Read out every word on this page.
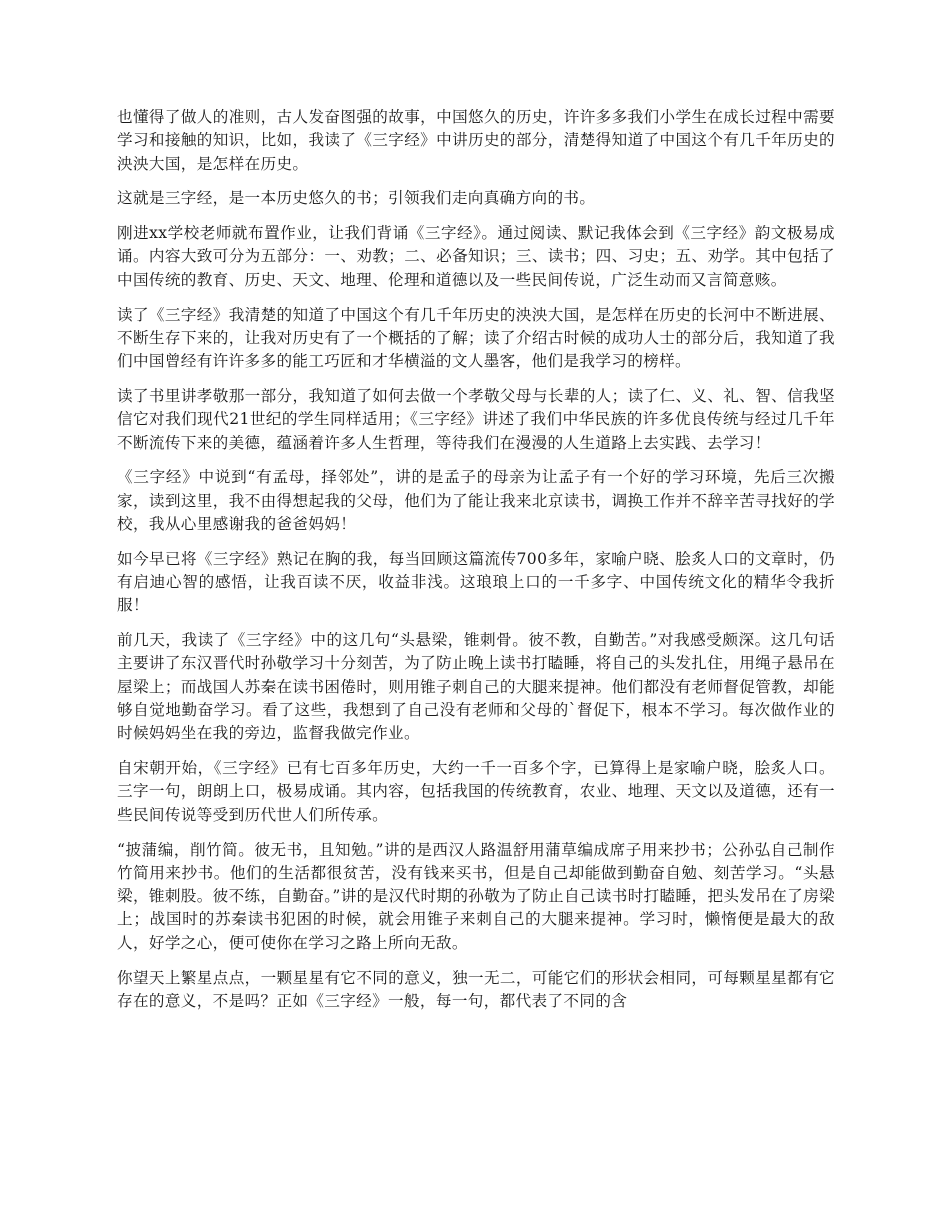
也懂得了做人的准则，古人发奋图强的故事，中国悠久的历史，许许多多我们小学生在成长过程中需要学习和接触的知识，比如，我读了《三字经》中讲历史的部分，清楚得知道了中国这个有几千年历史的泱泱大国，是怎样在历史。

这就是三字经，是一本历史悠久的书；引领我们走向真确方向的书。

刚进xx学校老师就布置作业，让我们背诵《三字经》。通过阅读、默记我体会到《三字经》韵文极易成诵。内容大致可分为五部分：一、劝教；二、必备知识；三、读书；四、习史；五、劝学。其中包括了中国传统的教育、历史、天文、地理、伦理和道德以及一些民间传说，广泛生动而又言简意赅。

读了《三字经》我清楚的知道了中国这个有几千年历史的泱泱大国，是怎样在历史的长河中不断进展、不断生存下来的，让我对历史有了一个概括的了解；读了介绍古时候的成功人士的部分后，我知道了我们中国曾经有许许多多的能工巧匠和才华横溢的文人墨客，他们是我学习的榜样。

读了书里讲孝敬那一部分，我知道了如何去做一个孝敬父母与长辈的人；读了仁、义、礼、智、信我坚信它对我们现代21世纪的学生同样适用；《三字经》讲述了我们中华民族的许多优良传统与经过几千年不断流传下来的美德，蕴涵着许多人生哲理，等待我们在漫漫的人生道路上去实践、去学习！

《三字经》中说到“有孟母，择邻处”，讲的是孟子的母亲为让孟子有一个好的学习环境，先后三次搬家，读到这里，我不由得想起我的父母，他们为了能让我来北京读书，调换工作并不辞辛苦寻找好的学校，我从心里感谢我的爸爸妈妈！

如今早已将《三字经》熟记在胸的我，每当回顾这篇流传700多年，家喻户晓、脍炙人口的文章时，仍有启迪心智的感悟，让我百读不厌，收益非浅。这琅琅上口的一千多字、中国传统文化的精华令我折服！

前几天，我读了《三字经》中的这几句“头悬梁，锥刺骨。彼不教，自勤苦。”对我感受颇深。这几句话主要讲了东汉晋代时孙敬学习十分刻苦，为了防止晚上读书打瞌睡，将自己的头发扎住，用绳子悬吊在屋梁上；而战国人苏秦在读书困倦时，则用锥子刺自己的大腿来提神。他们都没有老师督促管教，却能够自觉地勤奋学习。看了这些，我想到了自己没有老师和父母的`督促下，根本不学习。每次做作业的时候妈妈坐在我的旁边，监督我做完作业。

自宋朝开始，《三字经》已有七百多年历史，大约一千一百多个字，已算得上是家喻户晓，脍炙人口。三字一句，朗朗上口，极易成诵。其内容，包括我国的传统教育，农业、地理、天文以及道德，还有一些民间传说等受到历代世人们所传承。

“披蒲编，削竹简。彼无书，且知勉。”讲的是西汉人路温舒用蒲草编成席子用来抄书；公孙弘自己制作竹简用来抄书。他们的生活都很贫苦，没有钱来买书，但是自己却能做到勤奋自勉、刻苦学习。“头悬梁，锥刺股。彼不练，自勤奋。”讲的是汉代时期的孙敬为了防止自己读书时打瞌睡，把头发吊在了房梁上；战国时的苏秦读书犯困的时候，就会用锥子来刺自己的大腿来提神。学习时，懒惰便是最大的敌人，好学之心，便可使你在学习之路上所向无敌。

你望天上繁星点点，一颗星星有它不同的意义，独一无二，可能它们的形状会相同，可每颗星星都有它存在的意义，不是吗？正如《三字经》一般，每一句，都代表了不同的含
